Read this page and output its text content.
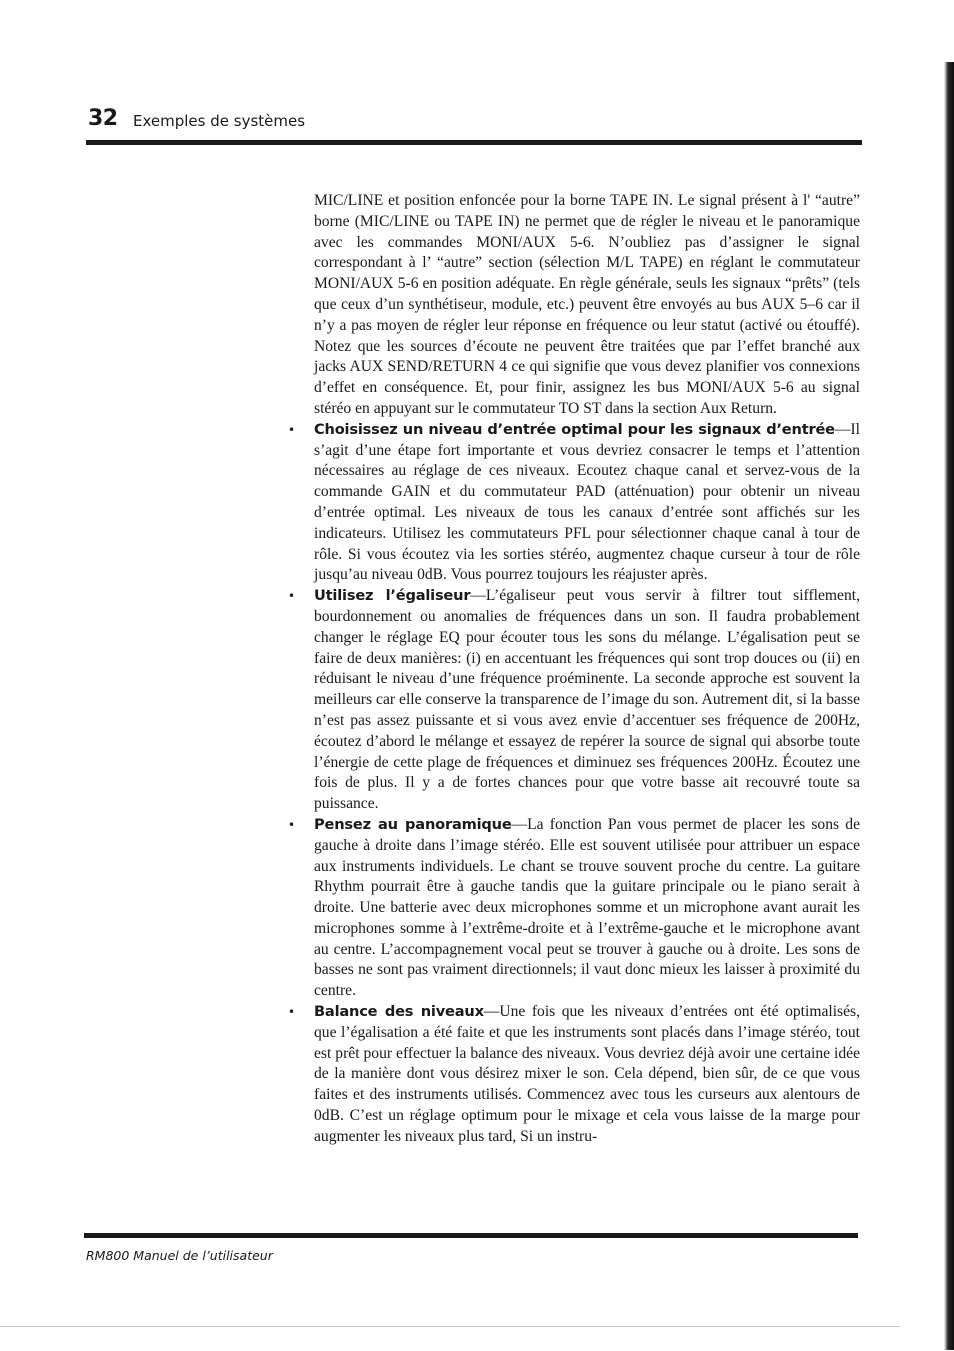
32 Exemples de systèmes

MIC/LINE et position enfoncée pour la borne TAPE IN. Le signal présent à l' “autre” borne (MIC/LINE ou TAPE IN) ne permet que de régler le niveau et le panoramique avec les commandes MONI/AUX 5-6. N’oubliez pas d’assigner le signal correspondant à l’ “autre” section (sélection M/L TAPE) en réglant le commutateur MONI/AUX 5-6 en position adéquate. En règle générale, seuls les signaux “prêts” (tels que ceux d’un synthétiseur, module, etc.) peuvent être envoyés au bus AUX 5–6 car il n’y a pas moyen de régler leur réponse en fréquence ou leur statut (activé ou étouffé). Notez que les sources d’écoute ne peuvent être traitées que par l’effet branché aux jacks AUX SEND/RETURN 4 ce qui signifie que vous devez planifier vos connexions d’effet en conséquence. Et, pour finir, assignez les bus MONI/AUX 5-6 au signal stéréo en appuyant sur le commutateur TO ST dans la section Aux Return.

• Choisissez un niveau d’entrée optimal pour les signaux d’entrée—Il s’agit d’une étape fort importante et vous devriez consacrer le temps et l’attention nécessaires au réglage de ces niveaux. Ecoutez chaque canal et servez-vous de la commande GAIN et du commutateur PAD (atténuation) pour obtenir un niveau d’entrée optimal. Les niveaux de tous les canaux d’entrée sont affichés sur les indicateurs. Utilisez les commutateurs PFL pour sélectionner chaque canal à tour de rôle. Si vous écoutez via les sorties stéréo, augmentez chaque curseur à tour de rôle jusqu’au niveau 0dB. Vous pourrez toujours les réajuster après.

• Utilisez l’égaliseur—L’égaliseur peut vous servir à filtrer tout sifflement, bourdonnement ou anomalies de fréquences dans un son. Il faudra probablement changer le réglage EQ pour écouter tous les sons du mélange. L’égalisation peut se faire de deux manières: (i) en accentuant les fréquences qui sont trop douces ou (ii) en réduisant le niveau d’une fréquence proéminente. La seconde approche est souvent la meilleurs car elle conserve la transparence de l’image du son. Autrement dit, si la basse n’est pas assez puissante et si vous avez envie d’accentuer ses fréquence de 200Hz, écoutez d’abord le mélange et essayez de repérer la source de signal qui absorbe toute l’énergie de cette plage de fréquences et diminuez ses fréquences 200Hz. Écoutez une fois de plus. Il y a de fortes chances pour que votre basse ait recouvré toute sa puissance.

• Pensez au panoramique—La fonction Pan vous permet de placer les sons de gauche à droite dans l’image stéréo. Elle est souvent utilisée pour attribuer un espace aux instruments individuels. Le chant se trouve souvent proche du centre. La guitare Rhythm pourrait être à gauche tandis que la guitare principale ou le piano serait à droite. Une batterie avec deux microphones somme et un microphone avant aurait les microphones somme à l’extrême-droite et à l’extrême-gauche et le microphone avant au centre. L’accompagnement vocal peut se trouver à gauche ou à droite. Les sons de basses ne sont pas vraiment directionnels; il vaut donc mieux les laisser à proximité du centre.

• Balance des niveaux—Une fois que les niveaux d’entrées ont été optimalisés, que l’égalisation a été faite et que les instruments sont placés dans l’image stéréo, tout est prêt pour effectuer la balance des niveaux. Vous devriez déjà avoir une certaine idée de la manière dont vous désirez mixer le son. Cela dépend, bien sûr, de ce que vous faites et des instruments utilisés. Commencez avec tous les curseurs aux alentours de 0dB. C’est un réglage optimum pour le mixage et cela vous laisse de la marge pour augmenter les niveaux plus tard, Si un instru-

RM800 Manuel de l’utilisateur
